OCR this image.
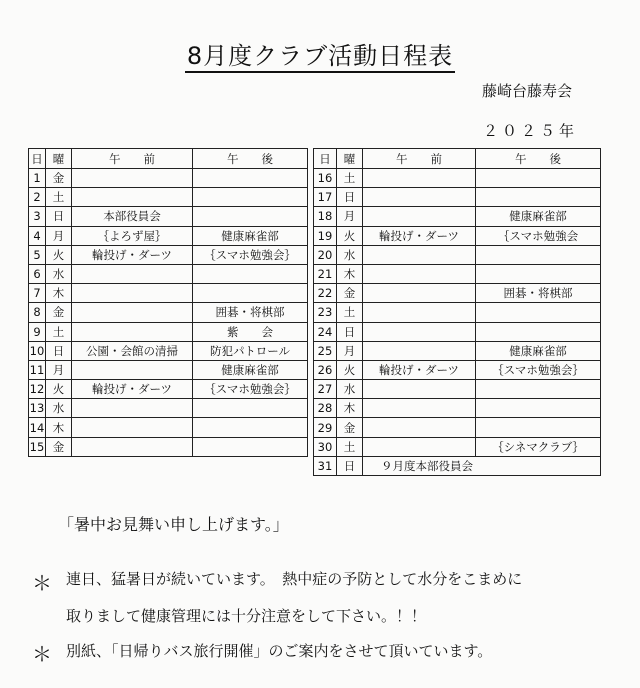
8月度クラブ活動日程表
藤崎台藤寿会
２０２５年
日	曜	午　　前	午　　後		日	曜	午　　前	午　　後
1	金				16	土		
2	土				17	日		
3	日	本部役員会			18	月		健康麻雀部
4	月	｛よろず屋｝	健康麻雀部		19	火	輪投げ・ダーツ	｛スマホ勉強会
5	火	輪投げ・ダーツ	｛スマホ勉強会｝		20	水		
6	水				21	木		
7	木				22	金		囲碁・将棋部
8	金		囲碁・将棋部		23	土		
9	土		紫　　会		24	日		
10	日	公園・会館の清掃	防犯パトロール		25	月		健康麻雀部
11	月		健康麻雀部		26	火	輪投げ・ダーツ	｛スマホ勉強会｝
12	火	輪投げ・ダーツ	｛スマホ勉強会｝		27	水		
13	水				28	木		
14	木				29	金		
15	金				30	土		｛シネマクラブ｝
					31	日	９月度本部役員会	
「暑中お見舞い申し上げます。」
＊ 連日、猛暑日が続いています。　熱中症の予防として水分をこまめに
取りまして健康管理には十分注意をして下さい。！！
＊ 別紙、「日帰りバス旅行開催」のご案内をさせて頂いています。
